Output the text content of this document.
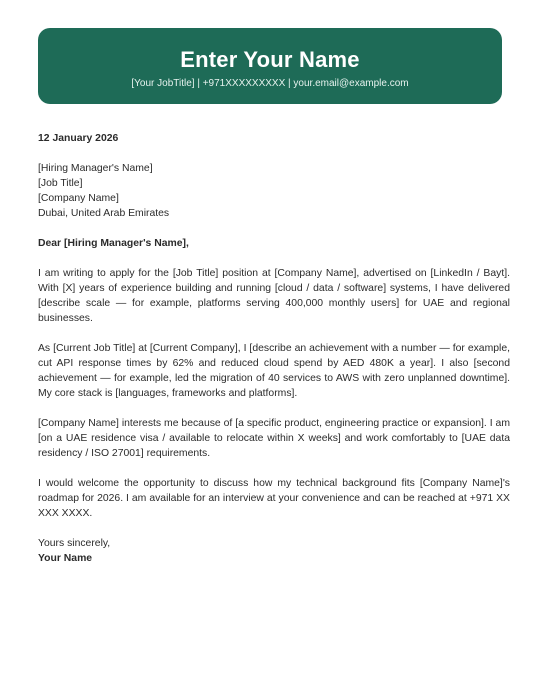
Enter Your Name
[Your JobTitle] | +971XXXXXXXXX | your.email@example.com
12 January 2026
[Hiring Manager's Name]
[Job Title]
[Company Name]
Dubai, United Arab Emirates
Dear [Hiring Manager's Name],

I am writing to apply for the [Job Title] position at [Company Name], advertised on [LinkedIn / Bayt]. With [X] years of experience building and running [cloud / data / software] systems, I have delivered [describe scale — for example, platforms serving 400,000 monthly users] for UAE and regional businesses.

As [Current Job Title] at [Current Company], I [describe an achievement with a number — for example, cut API response times by 62% and reduced cloud spend by AED 480K a year]. I also [second achievement — for example, led the migration of 40 services to AWS with zero unplanned downtime]. My core stack is [languages, frameworks and platforms].

[Company Name] interests me because of [a specific product, engineering practice or expansion]. I am [on a UAE residence visa / available to relocate within X weeks] and work comfortably to [UAE data residency / ISO 27001] requirements.

I would welcome the opportunity to discuss how my technical background fits [Company Name]'s roadmap for 2026. I am available for an interview at your convenience and can be reached at +971 XX XXX XXXX.

Yours sincerely,
Your Name
